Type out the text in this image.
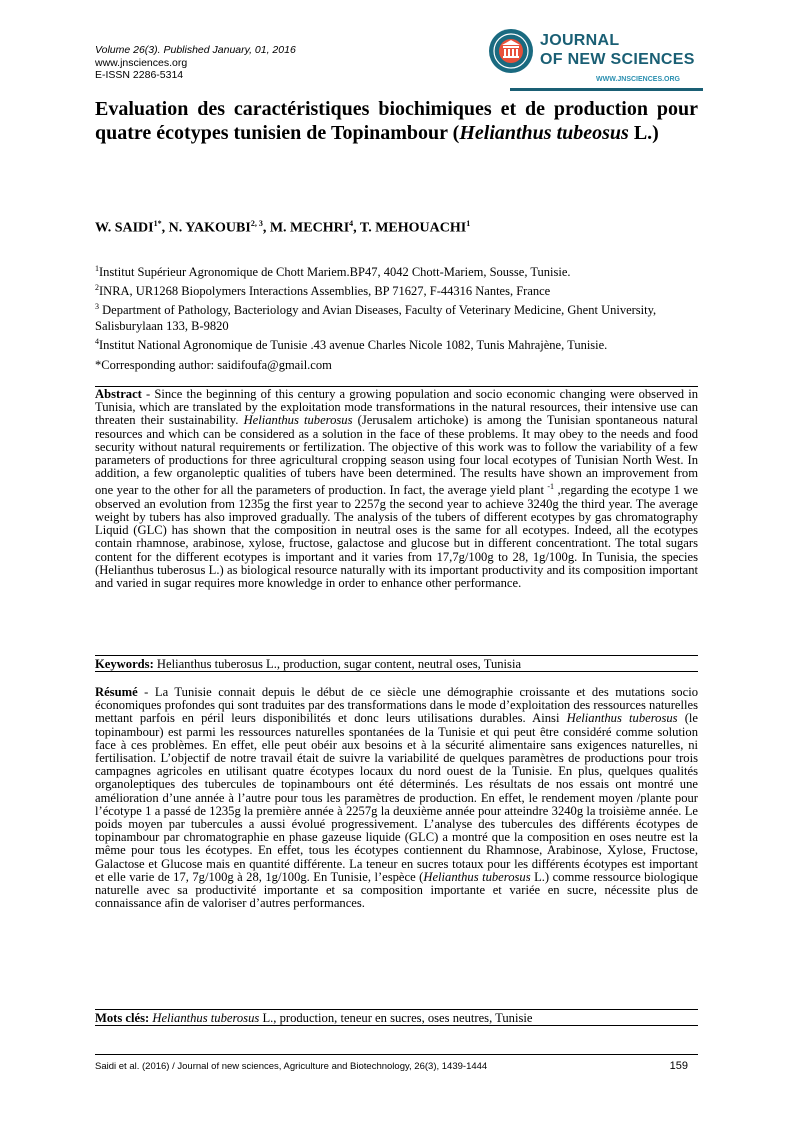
Volume 26(3). Published January, 01, 2016
www.jnsciences.org
E-ISSN 2286-5314
JOURNAL
OF NEW SCIENCES
WWW.JNSCIENCES.ORG
Evaluation des caractéristiques biochimiques et de production pour quatre écotypes tunisien de Topinambour (Helianthus tubeosus L.)
W. $SAIDI^{1*}$, N. YAKOUBI$^{2, 3}$, M. MECHRI$^4$, T. MEHOUACHI$^1$

$^1$Institut Supérieur Agronomique de Chott Mariem.BP47, 4042 Chott-Mariem, Sousse, Tunisie.

$^2$INRA, UR1268 Biopolymers Interactions Assemblies, BP 71627, F-44316 Nantes, France

$^3$ Department of Pathology, Bacteriology and Avian Diseases, Faculty of Veterinary Medicine, Ghent University, Salisburylaan 133, B-9820

$^4$Institut National Agronomique de Tunisie .43 avenue Charles Nicole 1082, Tunis Mahrajène, Tunisie.

*Corresponding author: saidifoufa@gmail.com
Abstract - Since the beginning of this century a growing population and socio economic changing were observed in Tunisia, which are translated by the exploitation mode transformations in the natural resources, their intensive use can threaten their sustainability. Helianthus tuberosus (Jerusalem artichoke) is among the Tunisian spontaneous natural resources and which can be considered as a solution in the face of these problems. It may obey to the needs and food security without natural requirements or fertilization. The objective of this work was to follow the variability of a few parameters of productions for three agricultural cropping season using four local ecotypes of Tunisian North West. In addition, a few organoleptic qualities of tubers have been determined. The results have shown an improvement from one year to the other for all the parameters of production. In fact, the average yield plant $^{-1}$ ,regarding the ecotype 1 we observed an evolution from 1235g the first year to 2257g the second year to achieve 3240g the third year. The average weight by tubers has also improved gradually. The analysis of the tubers of different ecotypes by gas chromatography Liquid (GLC) has shown that the composition in neutral oses is the same for all ecotypes. Indeed, all the ecotypes contain rhamnose, arabinose, xylose, fructose, galactose and glucose but in different concentrationt. The total sugars content for the different ecotypes is important and it varies from 17,7g/100g to 28, 1g/100g. In Tunisia, the species (Helianthus tuberosus L.) as biological resource naturally with its important productivity and its composition important and varied in sugar requires more knowledge in order to enhance other performance.
Keywords: Helianthus tuberosus L., production, sugar content, neutral oses, Tunisia
Résumé - La Tunisie connait depuis le début de ce siècle une démographie croissante et des mutations socio économiques profondes qui sont traduites par des transformations dans le mode d’exploitation des ressources naturelles mettant parfois en péril leurs disponibilités et donc leurs utilisations durables. Ainsi Helianthus tuberosus (le topinambour) est parmi les ressources naturelles spontanées de la Tunisie et qui peut être considéré comme solution face à ces problèmes. En effet, elle peut obéir aux besoins et à la sécurité alimentaire sans exigences naturelles, ni fertilisation. L’objectif de notre travail était de suivre la variabilité de quelques paramètres de productions pour trois campagnes agricoles en utilisant quatre écotypes locaux du nord ouest de la Tunisie. En plus, quelques qualités organoleptiques des tubercules de topinambours ont été déterminés. Les résultats de nos essais ont montré une amélioration d’une année à l’autre pour tous les paramètres de production. En effet, le rendement moyen /plante pour l’écotype 1 a passé de 1235g la première année à 2257g la deuxième année pour atteindre 3240g la troisième année. Le poids moyen par tubercules a aussi évolué progressivement. L’analyse des tubercules des différents écotypes de topinambour par chromatographie en phase gazeuse liquide (GLC) a montré que la composition en oses neutre est la même pour tous les écotypes. En effet, tous les écotypes contiennent du Rhamnose, Arabinose, Xylose, Fructose, Galactose et Glucose mais en quantité différente. La teneur en sucres totaux pour les différents écotypes est important et elle varie de 17, 7g/100g à 28, 1g/100g. En Tunisie, l’espèce (Helianthus tuberosus L.) comme ressource biologique naturelle avec sa productivité importante et sa composition importante et variée en sucre, nécessite plus de connaissance afin de valoriser d’autres performances.
Mots clés: Helianthus tuberosus L., production, teneur en sucres, oses neutres, Tunisie
Saidi et al. (2016) / Journal of new sciences, Agriculture and Biotechnology, 26(3), 1439-1444	159
